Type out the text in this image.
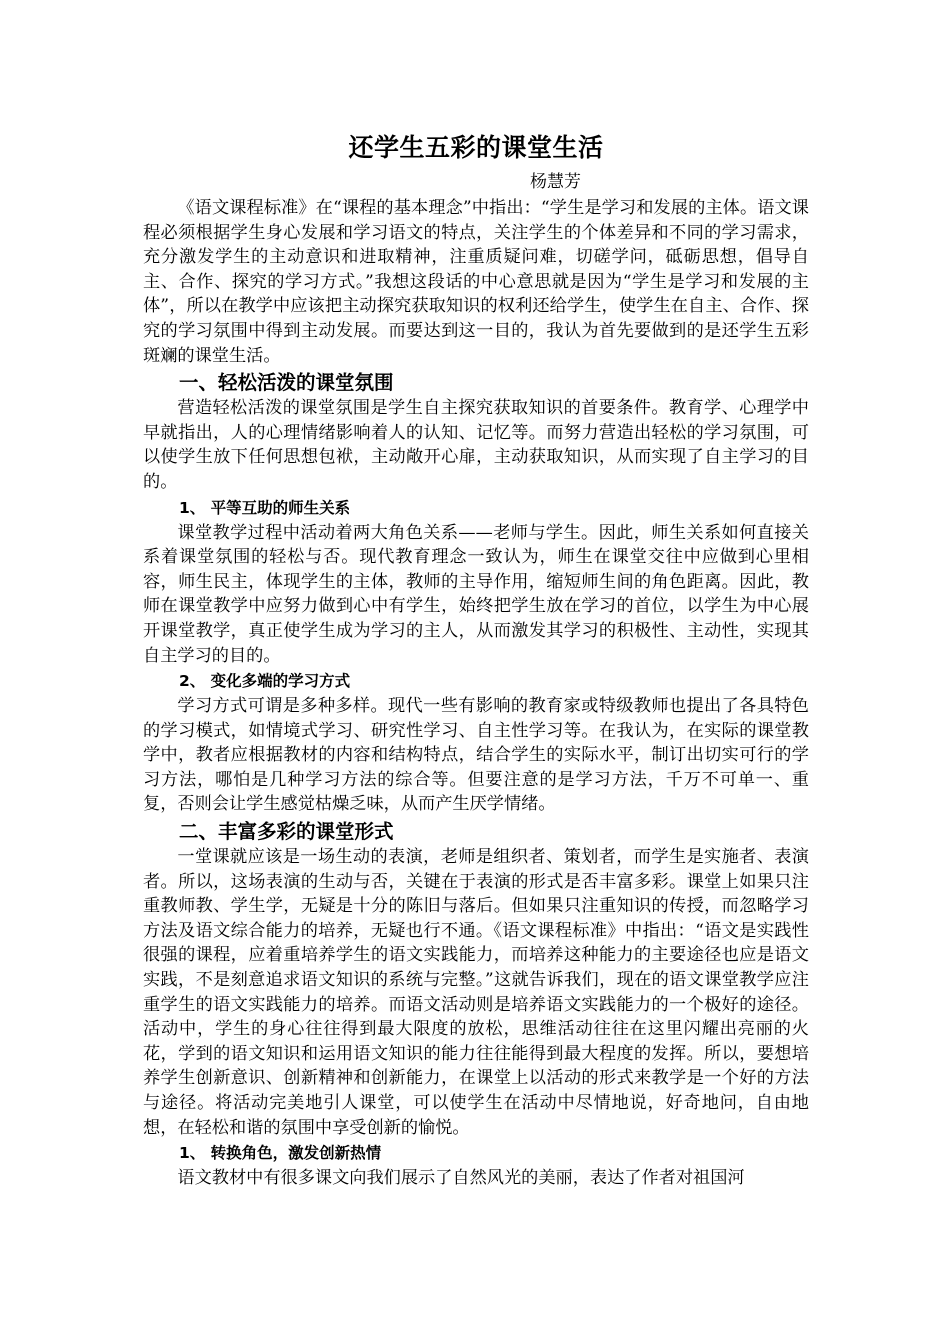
还学生五彩的课堂生活

杨慧芳

《语文课程标准》在“课程的基本理念”中指出：“学生是学习和发展的主体。语文课程必须根据学生身心发展和学习语文的特点，关注学生的个体差异和不同的学习需求，充分激发学生的主动意识和进取精神，注重质疑问难，切磋学问，砥砺思想，倡导自主、合作、探究的学习方式。”我想这段话的中心意思就是因为“学生是学习和发展的主体”，所以在教学中应该把主动探究获取知识的权利还给学生，使学生在自主、合作、探究的学习氛围中得到主动发展。而要达到这一目的，我认为首先要做到的是还学生五彩斑斓的课堂生活。

一、轻松活泼的课堂氛围

营造轻松活泼的课堂氛围是学生自主探究获取知识的首要条件。教育学、心理学中早就指出，人的心理情绪影响着人的认知、记忆等。而努力营造出轻松的学习氛围，可以使学生放下任何思想包袱，主动敞开心扉，主动获取知识，从而实现了自主学习的目的。

1、 平等互助的师生关系

课堂教学过程中活动着两大角色关系——老师与学生。因此，师生关系如何直接关系着课堂氛围的轻松与否。现代教育理念一致认为，师生在课堂交往中应做到心里相容，师生民主，体现学生的主体，教师的主导作用，缩短师生间的角色距离。因此，教师在课堂教学中应努力做到心中有学生，始终把学生放在学习的首位，以学生为中心展开课堂教学，真正使学生成为学习的主人，从而激发其学习的积极性、主动性，实现其自主学习的目的。

2、 变化多端的学习方式

学习方式可谓是多种多样。现代一些有影响的教育家或特级教师也提出了各具特色的学习模式，如情境式学习、研究性学习、自主性学习等。在我认为，在实际的课堂教学中，教者应根据教材的内容和结构特点，结合学生的实际水平，制订出切实可行的学习方法，哪怕是几种学习方法的综合等。但要注意的是学习方法，千万不可单一、重复，否则会让学生感觉枯燥乏味，从而产生厌学情绪。

二、丰富多彩的课堂形式

一堂课就应该是一场生动的表演，老师是组织者、策划者，而学生是实施者、表演者。所以，这场表演的生动与否，关键在于表演的形式是否丰富多彩。课堂上如果只注重教师教、学生学，无疑是十分的陈旧与落后。但如果只注重知识的传授，而忽略学习方法及语文综合能力的培养，无疑也行不通。《语文课程标准》中指出：“语文是实践性很强的课程，应着重培养学生的语文实践能力，而培养这种能力的主要途径也应是语文实践，不是刻意追求语文知识的系统与完整。”这就告诉我们，现在的语文课堂教学应注重学生的语文实践能力的培养。而语文活动则是培养语文实践能力的一个极好的途径。活动中，学生的身心往往得到最大限度的放松，思维活动往往在这里闪耀出亮丽的火花，学到的语文知识和运用语文知识的能力往往能得到最大程度的发挥。所以，要想培养学生创新意识、创新精神和创新能力，在课堂上以活动的形式来教学是一个好的方法与途径。将活动完美地引人课堂，可以使学生在活动中尽情地说，好奇地问，自由地想，在轻松和谐的氛围中享受创新的愉悦。

1、 转换角色，激发创新热情

语文教材中有很多课文向我们展示了自然风光的美丽，表达了作者对祖国河
